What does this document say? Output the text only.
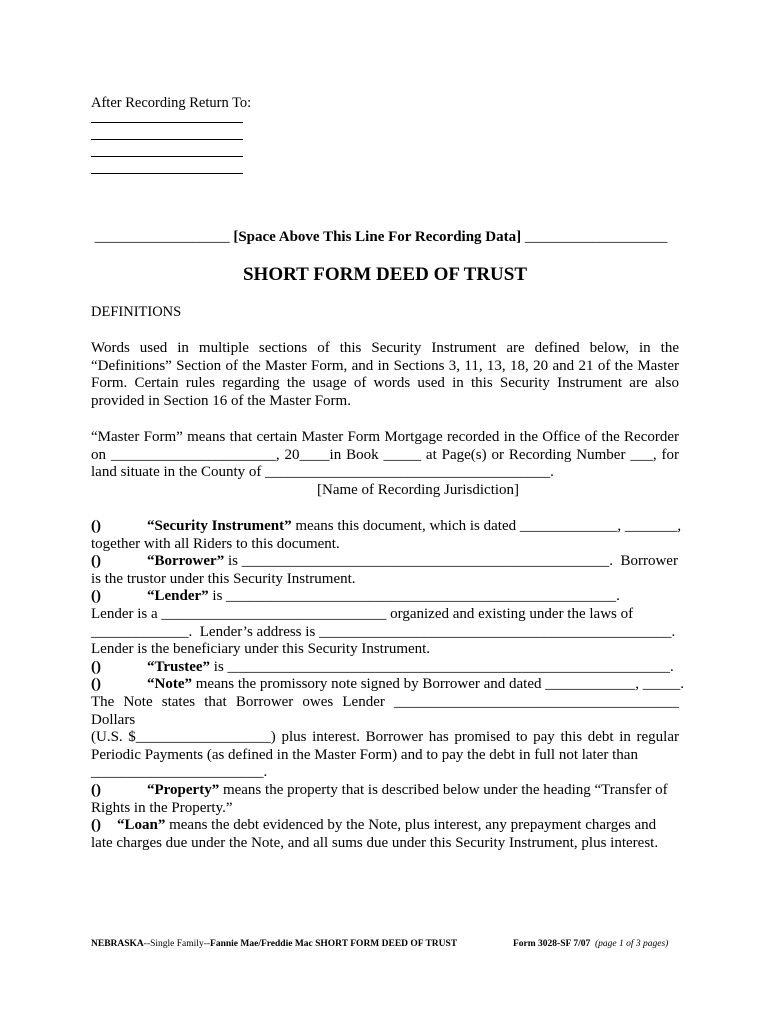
After Recording Return To:
__________________ [Space Above This Line For Recording Data] ___________________
SHORT FORM DEED OF TRUST
DEFINITIONS
Words used in multiple sections of this Security Instrument are defined below, in the
“Definitions” Section of the Master Form, and in Sections 3, 11, 13, 18, 20 and 21 of the Master
Form. Certain rules regarding the usage of words used in this Security Instrument are also
provided in Section 16 of the Master Form.
“Master Form” means that certain Master Form Mortgage recorded in the Office of the Recorder
on ______________________, 20____in Book _____ at Page(s) or Recording Number ___, for
land situate in the County of ______________________________________.
[Name of Recording Jurisdiction]
()	“Security Instrument” means this document, which is dated _____________, _______,
together with all Riders to this document.
()	“Borrower” is _________________________________________________.  Borrower
is the trustor under this Security Instrument.
()	“Lender” is ____________________________________________________.
Lender is a ______________________________ organized and existing under the laws of
_____________.  Lender’s address is _______________________________________________.
Lender is the beneficiary under this Security Instrument.
()	“Trustee” is ___________________________________________________________.
()	“Note” means the promissory note signed by Borrower and dated ____________, _____.
The Note states that Borrower owes Lender ______________________________________ Dollars
(U.S. $__________________) plus interest. Borrower has promised to pay this debt in regular
Periodic Payments (as defined in the Master Form) and to pay the debt in full not later than
_______________________.
()	“Property” means the property that is described below under the heading “Transfer of
Rights in the Property.”
() “Loan” means the debt evidenced by the Note, plus interest, any prepayment charges and
late charges due under the Note, and all sums due under this Security Instrument, plus interest.
NEBRASKA--Single Family--Fannie Mae/Freddie Mac SHORT FORM DEED OF TRUST	Form 3028-SF 7/07 (page 1 of 3 pages)
